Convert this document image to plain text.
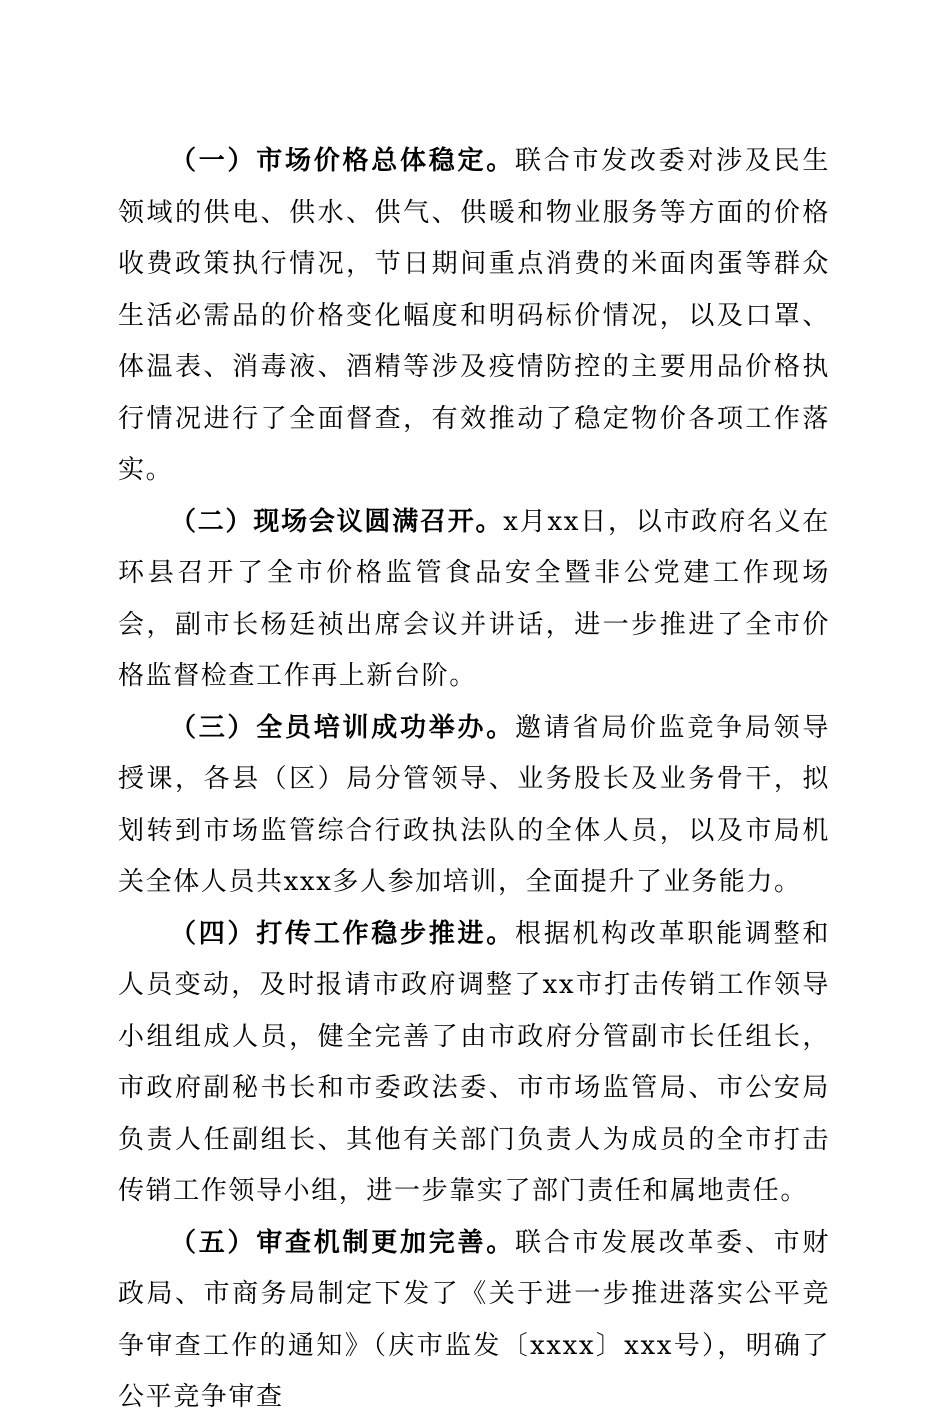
（一）市场价格总体稳定。联合市发改委对涉及民生领域的供电、供水、供气、供暖和物业服务等方面的价格收费政策执行情况，节日期间重点消费的米面肉蛋等群众生活必需品的价格变化幅度和明码标价情况，以及口罩、体温表、消毒液、酒精等涉及疫情防控的主要用品价格执行情况进行了全面督查，有效推动了稳定物价各项工作落实。

（二）现场会议圆满召开。x月xx日，以市政府名义在环县召开了全市价格监管食品安全暨非公党建工作现场会，副市长杨廷祯出席会议并讲话，进一步推进了全市价格监督检查工作再上新台阶。

（三）全员培训成功举办。邀请省局价监竞争局领导授课，各县（区）局分管领导、业务股长及业务骨干，拟划转到市场监管综合行政执法队的全体人员，以及市局机关全体人员共xxx多人参加培训，全面提升了业务能力。

（四）打传工作稳步推进。根据机构改革职能调整和人员变动，及时报请市政府调整了xx市打击传销工作领导小组组成人员，健全完善了由市政府分管副市长任组长，市政府副秘书长和市委政法委、市市场监管局、市公安局负责人任副组长、其他有关部门负责人为成员的全市打击传销工作领导小组，进一步靠实了部门责任和属地责任。

（五）审查机制更加完善。联合市发展改革委、市财政局、市商务局制定下发了《关于进一步推进落实公平竞争审查工作的通知》（庆市监发〔xxxx〕xxx号），明确了公平竞争审查
